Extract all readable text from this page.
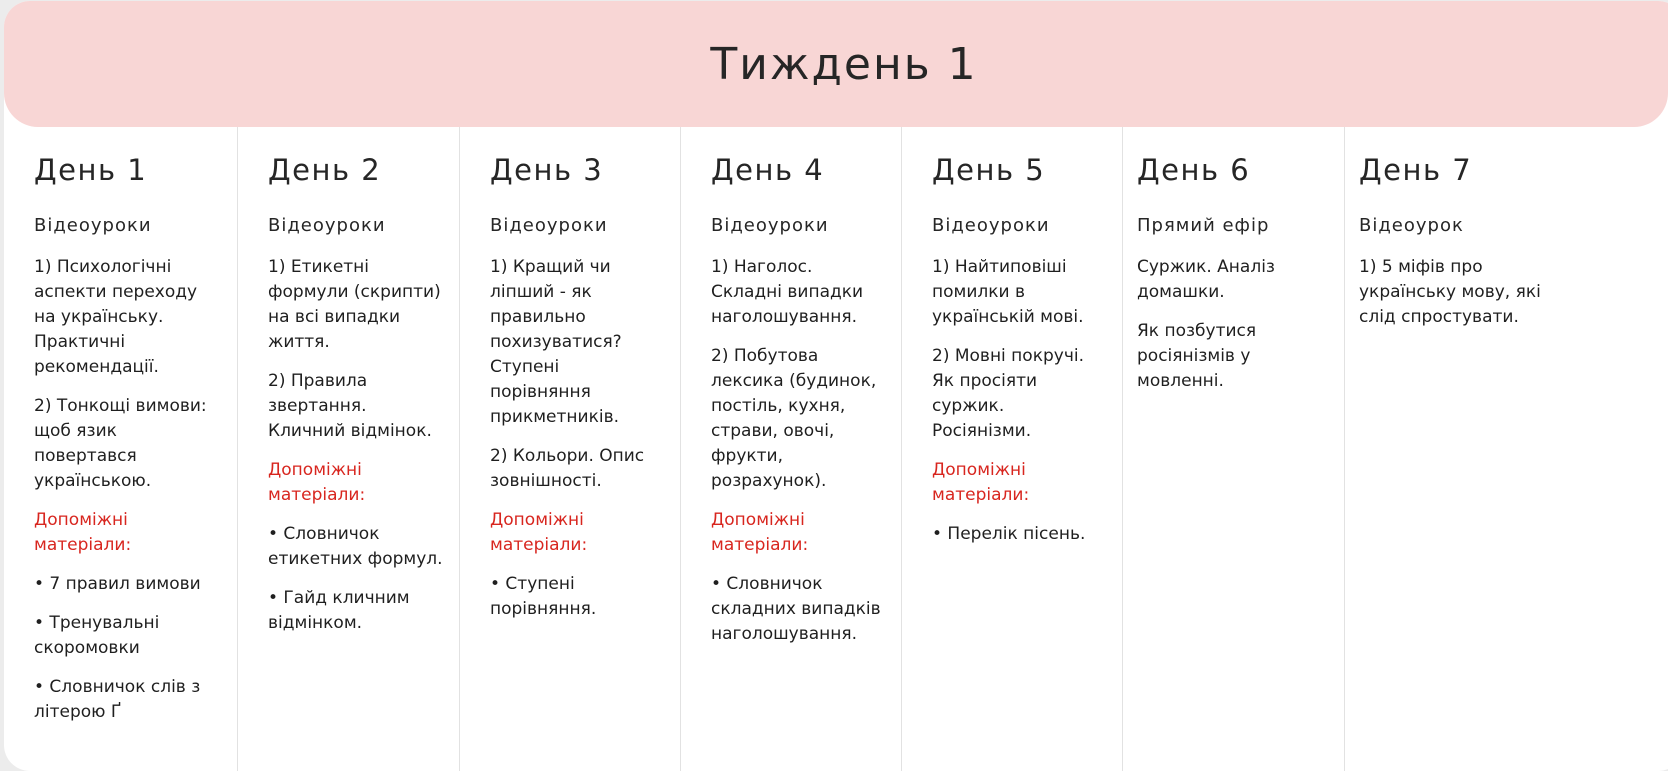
Тиждень 1
День 1
Відеоуроки

1) Психологічні аспекти переходу на українську. Практичні рекомендації.

2) Тонкощі вимови: щоб язик повертався українською.

Допоміжні матеріали:

• 7 правил вимови

• Тренувальні скоромовки

• Словничок слів з літерою Ґ

День 2
Відеоуроки

1) Етикетні формули (скрипти) на всі випадки життя.

2) Правила звертання. Кличний відмінок.

Допоміжні матеріали:

• Словничок етикетних формул.

• Гайд кличним відмінком.

День 3
Відеоуроки

1) Кращий чи ліпший - як правильно похизуватися? Ступені порівняння прикметників.

2) Кольори. Опис зовнішності.

Допоміжні матеріали:

• Ступені порівняння.

День 4
Відеоуроки

1) Наголос. Складні випадки наголошування.

2) Побутова лексика (будинок, постіль, кухня, страви, овочі, фрукти, розрахунок).

Допоміжні матеріали:

• Словничок складних випадків наголошування.

День 5
Відеоуроки

1) Найтиповіші помилки в українській мові.

2) Мовні покручі. Як просіяти суржик. Росіянізми.

Допоміжні матеріали:

• Перелік пісень.

День 6
Прямий ефір

Суржик. Аналіз домашки.

Як позбутися росіянізмів у мовленні.

День 7
Відеоурок

1) 5 міфів про українську мову, які слід спростувати.
